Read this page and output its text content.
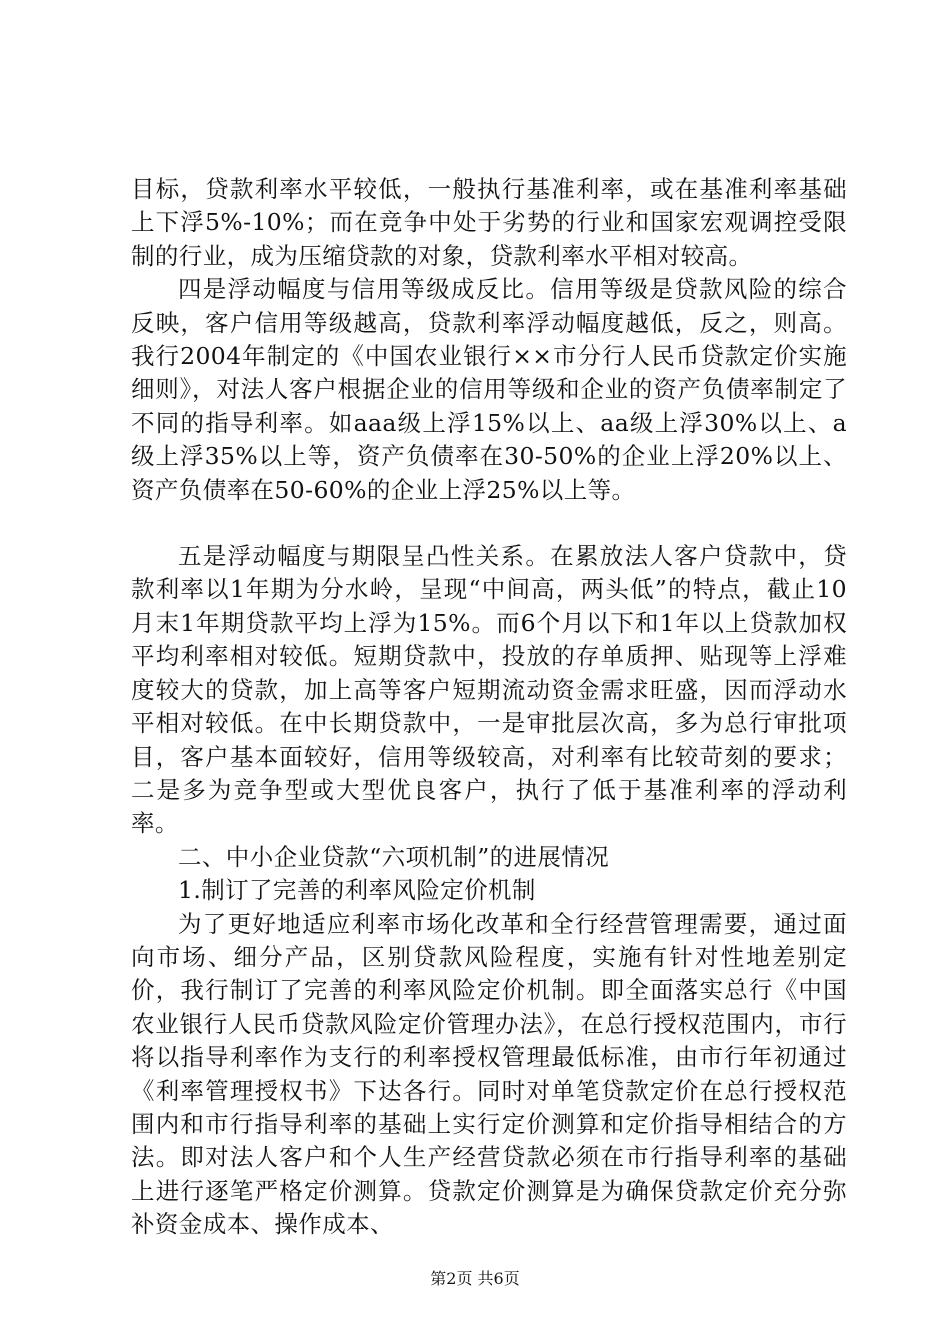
目标，贷款利率水平较低，一般执行基准利率，或在基准利率基础上下浮5%-10%；而在竞争中处于劣势的行业和国家宏观调控受限制的行业，成为压缩贷款的对象，贷款利率水平相对较高。

四是浮动幅度与信用等级成反比。信用等级是贷款风险的综合反映，客户信用等级越高，贷款利率浮动幅度越低，反之，则高。我行2004年制定的《中国农业银行××市分行人民币贷款定价实施细则》，对法人客户根据企业的信用等级和企业的资产负债率制定了不同的指导利率。如aaa级上浮15%以上、aa级上浮30%以上、a级上浮35%以上等，资产负债率在30-50%的企业上浮20%以上、资产负债率在50-60%的企业上浮25%以上等。

五是浮动幅度与期限呈凸性关系。在累放法人客户贷款中，贷款利率以1年期为分水岭，呈现“中间高，两头低”的特点，截止10月末1年期贷款平均上浮为15%。而6个月以下和1年以上贷款加权平均利率相对较低。短期贷款中，投放的存单质押、贴现等上浮难度较大的贷款，加上高等客户短期流动资金需求旺盛，因而浮动水平相对较低。在中长期贷款中，一是审批层次高，多为总行审批项目，客户基本面较好，信用等级较高，对利率有比较苛刻的要求；二是多为竞争型或大型优良客户，执行了低于基准利率的浮动利率。

二、中小企业贷款“六项机制”的进展情况

1.制订了完善的利率风险定价机制

为了更好地适应利率市场化改革和全行经营管理需要，通过面向市场、细分产品，区别贷款风险程度，实施有针对性地差别定价，我行制订了完善的利率风险定价机制。即全面落实总行《中国农业银行人民币贷款风险定价管理办法》，在总行授权范围内，市行将以指导利率作为支行的利率授权管理最低标准，由市行年初通过《利率管理授权书》下达各行。同时对单笔贷款定价在总行授权范围内和市行指导利率的基础上实行定价测算和定价指导相结合的方法。即对法人客户和个人生产经营贷款必须在市行指导利率的基础上进行逐笔严格定价测算。贷款定价测算是为确保贷款定价充分弥补资金成本、操作成本、

第2页 共6页
